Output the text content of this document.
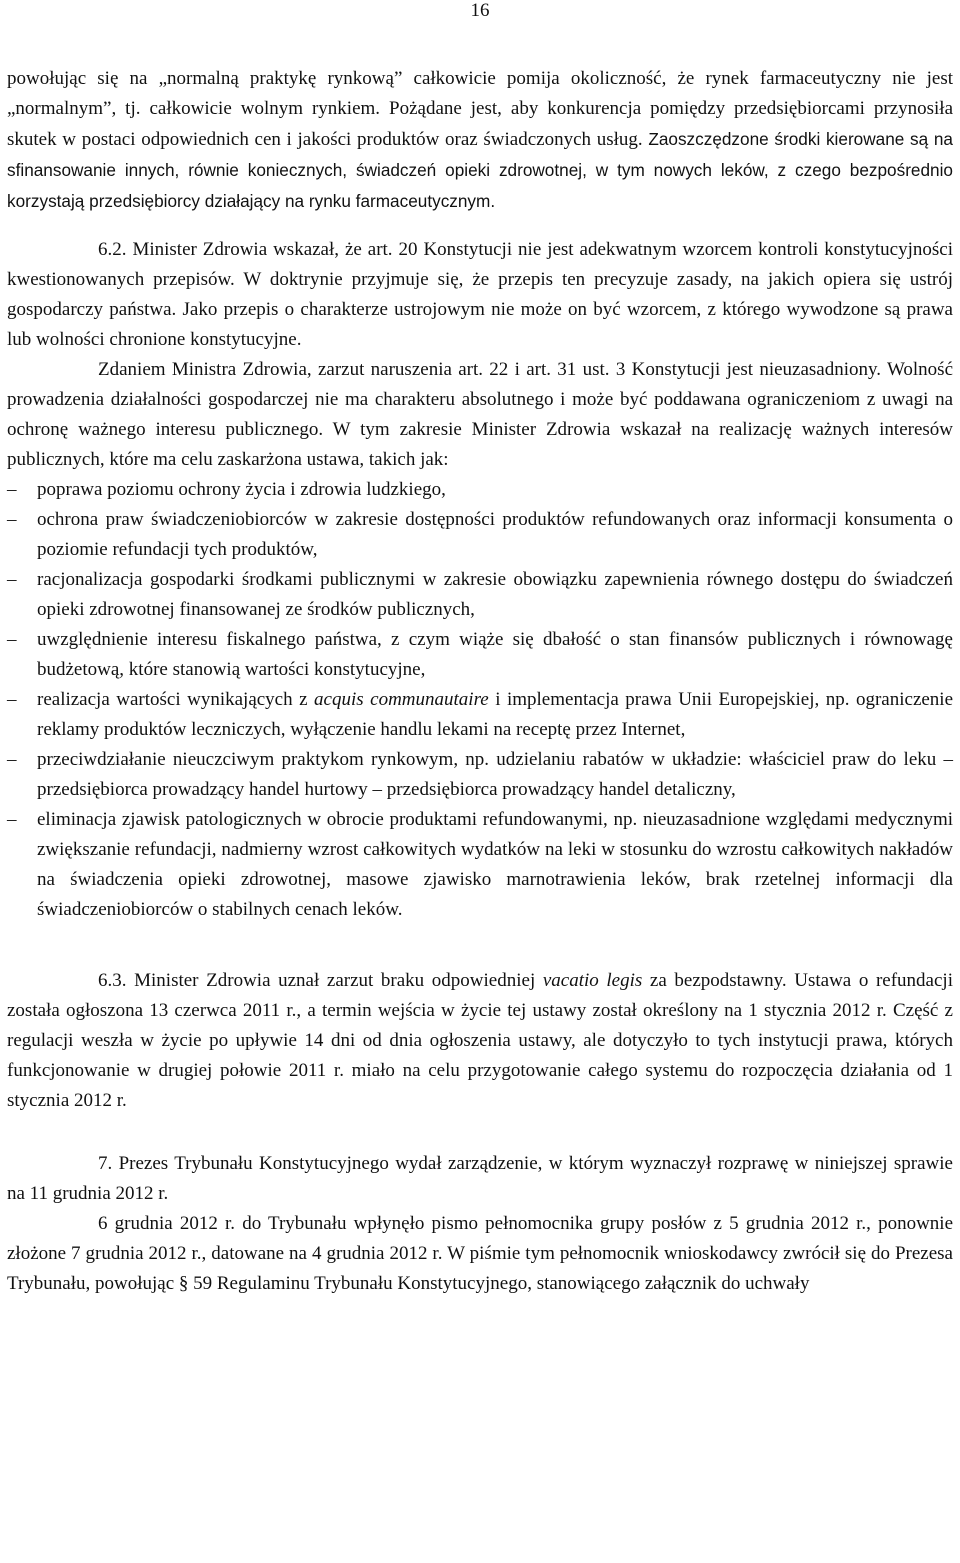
16

powołując się na „normalną praktykę rynkową” całkowicie pomija okoliczność, że rynek farmaceutyczny nie jest „normalnym”, tj. całkowicie wolnym rynkiem. Pożądane jest, aby konkurencja pomiędzy przedsiębiorcami przynosiła skutek w postaci odpowiednich cen i jakości produktów oraz świadczonych usług. Zaoszczędzone środki kierowane są na sfinansowanie innych, równie koniecznych, świadczeń opieki zdrowotnej, w tym nowych leków, z czego bezpośrednio korzystają przedsiębiorcy działający na rynku farmaceutycznym.

6.2. Minister Zdrowia wskazał, że art. 20 Konstytucji nie jest adekwatnym wzorcem kontroli konstytucyjności kwestionowanych przepisów. W doktrynie przyjmuje się, że przepis ten precyzuje zasady, na jakich opiera się ustrój gospodarczy państwa. Jako przepis o charakterze ustrojowym nie może on być wzorcem, z którego wywodzone są prawa lub wolności chronione konstytucyjne.

Zdaniem Ministra Zdrowia, zarzut naruszenia art. 22 i art. 31 ust. 3 Konstytucji jest nieuzasadniony. Wolność prowadzenia działalności gospodarczej nie ma charakteru absolutnego i może być poddawana ograniczeniom z uwagi na ochronę ważnego interesu publicznego. W tym zakresie Minister Zdrowia wskazał na realizację ważnych interesów publicznych, które ma celu zaskarżona ustawa, takich jak:

– poprawa poziomu ochrony życia i zdrowia ludzkiego,
– ochrona praw świadczeniobiorców w zakresie dostępności produktów refundowanych oraz informacji konsumenta o poziomie refundacji tych produktów,
– racjonalizacja gospodarki środkami publicznymi w zakresie obowiązku zapewnienia równego dostępu do świadczeń opieki zdrowotnej finansowanej ze środków publicznych,
– uwzględnienie interesu fiskalnego państwa, z czym wiąże się dbałość o stan finansów publicznych i równowagę budżetową, które stanowią wartości konstytucyjne,
– realizacja wartości wynikających z acquis communautaire i implementacja prawa Unii Europejskiej, np. ograniczenie reklamy produktów leczniczych, wyłączenie handlu lekami na receptę przez Internet,
– przeciwdziałanie nieuczciwym praktykom rynkowym, np. udzielaniu rabatów w układzie: właściciel praw do leku – przedsiębiorca prowadzący handel hurtowy – przedsiębiorca prowadzący handel detaliczny,
– eliminacja zjawisk patologicznych w obrocie produktami refundowanymi, np. nieuzasadnione względami medycznymi zwiększanie refundacji, nadmierny wzrost całkowitych wydatków na leki w stosunku do wzrostu całkowitych nakładów na świadczenia opieki zdrowotnej, masowe zjawisko marnotrawienia leków, brak rzetelnej informacji dla świadczeniobiorców o stabilnych cenach leków.

6.3. Minister Zdrowia uznał zarzut braku odpowiedniej vacatio legis za bezpodstawny. Ustawa o refundacji została ogłoszona 13 czerwca 2011 r., a termin wejścia w życie tej ustawy został określony na 1 stycznia 2012 r. Część z regulacji weszła w życie po upływie 14 dni od dnia ogłoszenia ustawy, ale dotyczyło to tych instytucji prawa, których funkcjonowanie w drugiej połowie 2011 r. miało na celu przygotowanie całego systemu do rozpoczęcia działania od 1 stycznia 2012 r.

7. Prezes Trybunału Konstytucyjnego wydał zarządzenie, w którym wyznaczył rozprawę w niniejszej sprawie na 11 grudnia 2012 r.

6 grudnia 2012 r. do Trybunału wpłynęło pismo pełnomocnika grupy posłów z 5 grudnia 2012 r., ponownie złożone 7 grudnia 2012 r., datowane na 4 grudnia 2012 r. W piśmie tym pełnomocnik wnioskodawcy zwrócił się do Prezesa Trybunału, powołując § 59 Regulaminu Trybunału Konstytucyjnego, stanowiącego załącznik do uchwały
